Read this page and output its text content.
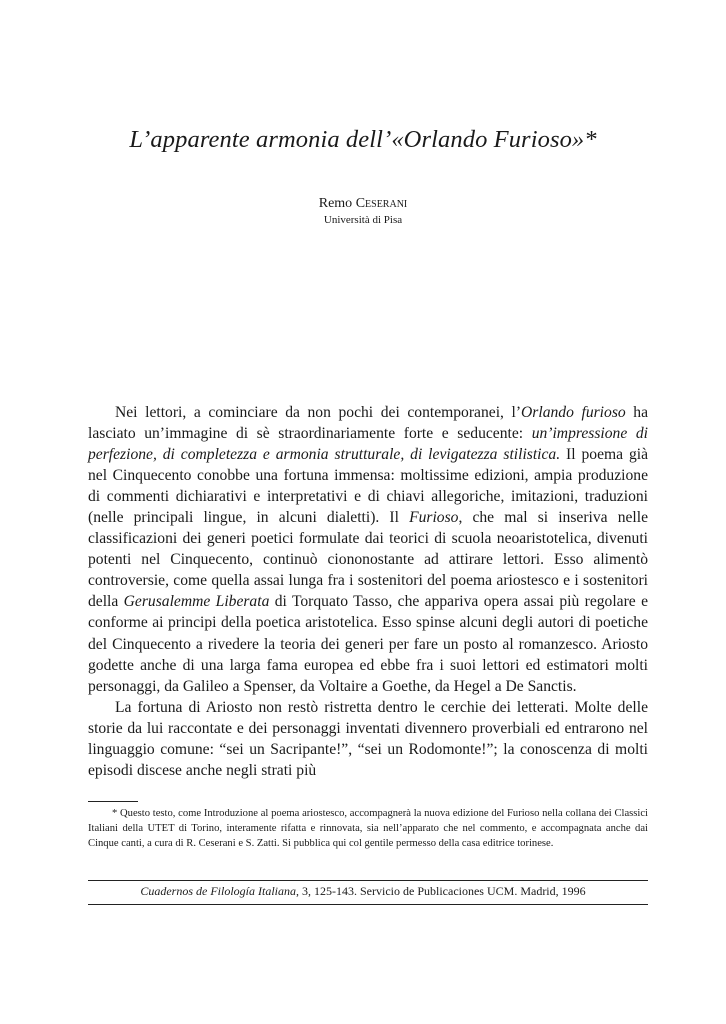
L’apparente armonia dell’«Orlando Furioso»*
Remo Ceserani
Università di Pisa

Nei lettori, a cominciare da non pochi dei contemporanei, l’Orlando furioso ha lasciato un’immagine di sè straordinariamente forte e seducente: un’impressione di perfezione, di completezza e armonia strutturale, di levigatezza stilistica. Il poema già nel Cinquecento conobbe una fortuna immensa: moltissime edizioni, ampia produzione di commenti dichiarativi e interpretativi e di chiavi allegoriche, imitazioni, traduzioni (nelle principali lingue, in alcuni dialetti). Il Furioso, che mal si inseriva nelle classificazioni dei generi poetici formulate dai teorici di scuola neoaristotelica, divenuti potenti nel Cinquecento, continuò ciononostante ad attirare lettori. Esso alimentò controversie, come quella assai lunga fra i sostenitori del poema ariostesco e i sostenitori della Gerusalemme Liberata di Torquato Tasso, che appariva opera assai più regolare e conforme ai principi della poetica aristotelica. Esso spinse alcuni degli autori di poetiche del Cinquecento a rivedere la teoria dei generi per fare un posto al romanzesco. Ariosto godette anche di una larga fama europea ed ebbe fra i suoi lettori ed estimatori molti personaggi, da Galileo a Spenser, da Voltaire a Goethe, da Hegel a De Sanctis.

La fortuna di Ariosto non restò ristretta dentro le cerchie dei letterati. Molte delle storie da lui raccontate e dei personaggi inventati divennero proverbiali ed entrarono nel linguaggio comune: “sei un Sacripante!”, “sei un Rodomonte!”; la conoscenza di molti episodi discese anche negli strati più

* Questo testo, come Introduzione al poema ariostesco, accompagnerà la nuova edizione del Furioso nella collana dei Classici Italiani della UTET di Torino, interamente rifatta e rinnovata, sia nell’apparato che nel commento, e accompagnata anche dai Cinque canti, a cura di R. Ceserani e S. Zatti. Si pubblica qui col gentile permesso della casa editrice torinese.

Cuadernos de Filología Italiana, 3, 125-143. Servicio de Publicaciones UCM. Madrid, 1996
